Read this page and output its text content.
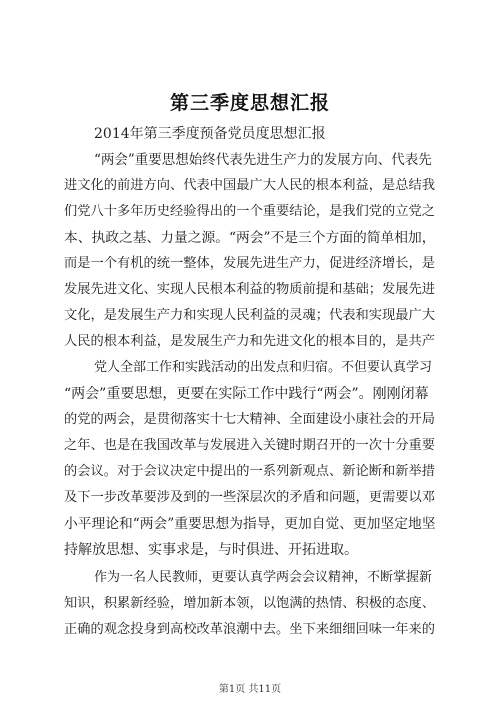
第三季度思想汇报
2014年第三季度预备党员度思想汇报
“两会”重要思想始终代表先进生产力的发展方向、代表先
进文化的前进方向、代表中国最广大人民的根本利益，是总结我
们党八十多年历史经验得出的一个重要结论，是我们党的立党之
本、执政之基、力量之源。“两会”不是三个方面的简单相加，
而是一个有机的统一整体，发展先进生产力，促进经济增长，是
发展先进文化、实现人民根本利益的物质前提和基础；发展先进
文化，是发展生产力和实现人民利益的灵魂；代表和实现最广大
人民的根本利益，是发展生产力和先进文化的根本目的，是共产
党人全部工作和实践活动的出发点和归宿。不但要认真学习
“两会”重要思想，更要在实际工作中践行“两会”。刚刚闭幕
的党的两会，是贯彻落实十七大精神、全面建设小康社会的开局
之年、也是在我国改革与发展进入关键时期召开的一次十分重要
的会议。对于会议决定中提出的一系列新观点、新论断和新举措
及下一步改革要涉及到的一些深层次的矛盾和问题，更需要以邓
小平理论和“两会”重要思想为指导，更加自觉、更加坚定地坚
持解放思想、实事求是，与时俱进、开拓进取。
作为一名人民教师，更要认真学两会会议精神，不断掌握新
知识，积累新经验，增加新本领，以饱满的热情、积极的态度、
正确的观念投身到高校改革浪潮中去。坐下来细细回味一年来的
第1页 共11页
